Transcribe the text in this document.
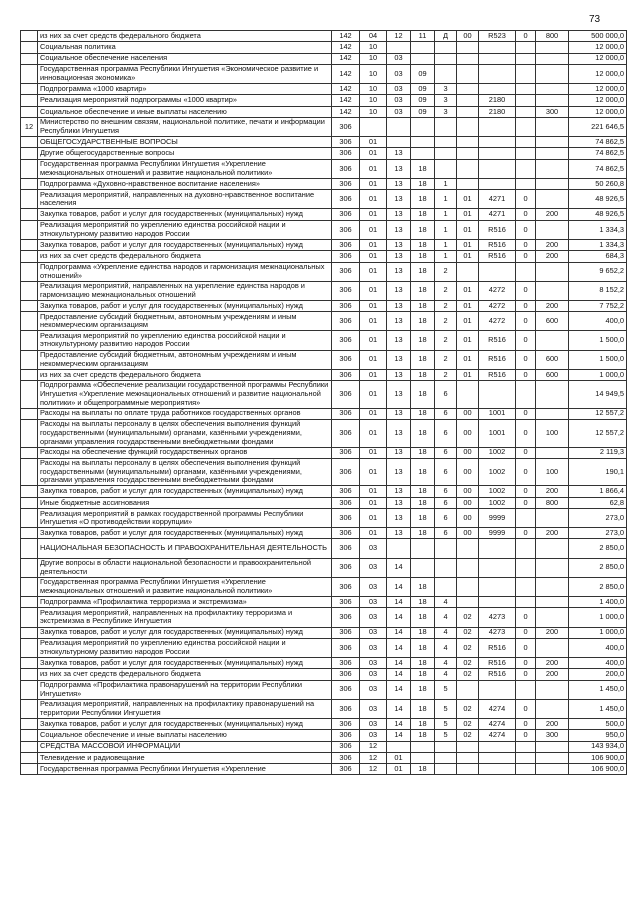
73
	из них за счет средств федерального бюджета	142	04	12	11	Д	00	R523	0	800	500 000,0
	Социальная политика	142	10								12 000,0
	Социальное обеспечение населения	142	10	03							12 000,0
	Государственная программа Республики Ингушетия «Экономическое развитие и инновационная экономика»	142	10	03	09						12 000,0
	Подпрограмма «1000 квартир»	142	10	03	09	3					12 000,0
	Реализация мероприятий подпрограммы «1000 квартир»	142	10	03	09	3		2180			12 000,0
	Социальное обеспечение и иные выплаты населению	142	10	03	09	3		2180		300	12 000,0
12	Министерство по внешним связям, национальной политике, печати и информации Республики Ингушетия	306									221 646,5
	ОБЩЕГОСУДАРСТВЕННЫЕ ВОПРОСЫ	306	01								74 862,5
	Другие общегосударственные вопросы	306	01	13							74 862,5
	Государственная программа Республики Ингушетия «Укрепление межнациональных отношений и развитие национальной политики»	306	01	13	18						74 862,5
	Подпрограмма «Духовно-нравственное воспитание населения»	306	01	13	18	1					50 260,8
	Реализация мероприятий, направленных на духовно-нравственное воспитание населения	306	01	13	18	1	01	4271	0		48 926,5
	Закупка товаров, работ и услуг для государственных (муниципальных) нужд	306	01	13	18	1	01	4271	0	200	48 926,5
	Реализация мероприятий по укреплению единства российской нации и этнокультурному развитию народов России	306	01	13	18	1	01	R516	0		1 334,3
	Закупка товаров, работ и услуг для государственных (муниципальных) нужд	306	01	13	18	1	01	R516	0	200	1 334,3
	из них за счет средств федерального бюджета	306	01	13	18	1	01	R516	0	200	684,3
	Подпрограмма «Укрепление единства народов и гармонизация межнациональных отношений»	306	01	13	18	2					9 652,2
	Реализация мероприятий, направленных на укрепление единства народов и гармонизацию межнациональных отношений	306	01	13	18	2	01	4272	0		8 152,2
	Закупка товаров, работ и услуг для государственных (муниципальных) нужд	306	01	13	18	2	01	4272	0	200	7 752,2
	Предоставление субсидий бюджетным, автономным учреждениям и иным некоммерческим организациям	306	01	13	18	2	01	4272	0	600	400,0
	Реализация мероприятий по укреплению единства российской нации и этнокультурному развитию народов России	306	01	13	18	2	01	R516	0		1 500,0
	Предоставление субсидий бюджетным, автономным учреждениям и иным некоммерческим организациям	306	01	13	18	2	01	R516	0	600	1 500,0
	из них за счет средств федерального бюджета	306	01	13	18	2	01	R516	0	600	1 000,0
	Подпрограмма «Обеспечение реализации государственной программы Республики Ингушетия «Укрепление межнациональных отношений и развитие национальной политики» и общепрограммные мероприятия»	306	01	13	18	6					14 949,5
	Расходы на выплаты по оплате труда работников государственных органов	306	01	13	18	6	00	1001	0		12 557,2
	Расходы на выплаты персоналу в целях обеспечения выполнения функций государственными (муниципальными) органами, казёнными учреждениями, органами управления государственными внебюджетными фондами	306	01	13	18	6	00	1001	0	100	12 557,2
	Расходы на обеспечение функций государственных органов	306	01	13	18	6	00	1002	0		2 119,3
	Расходы на выплаты персоналу в целях обеспечения выполнения функций государственными (муниципальными) органами, казёнными учреждениями, органами управления государственными внебюджетными фондами	306	01	13	18	6	00	1002	0	100	190,1
	Закупка товаров, работ и услуг для государственных (муниципальных) нужд	306	01	13	18	6	00	1002	0	200	1 866,4
	Иные бюджетные ассигнования	306	01	13	18	6	00	1002	0	800	62,8
	Реализация мероприятий в рамках государственной программы Республики Ингушетия «О противодействии коррупции»	306	01	13	18	6	00	9999			273,0
	Закупка товаров, работ и услуг для государственных (муниципальных) нужд	306	01	13	18	6	00	9999	0	200	273,0
	НАЦИОНАЛЬНАЯ БЕЗОПАСНОСТЬ И ПРАВООХРАНИТЕЛЬНАЯ ДЕЯТЕЛЬНОСТЬ	306	03								2 850,0
	Другие вопросы в области национальной безопасности и правоохранительной деятельности	306	03	14							2 850,0
	Государственная программа Республики Ингушетия «Укрепление межнациональных отношений и развитие национальной политики»	306	03	14	18						2 850,0
	Подпрограмма «Профилактика терроризма и экстремизма»	306	03	14	18	4					1 400,0
	Реализация мероприятий, направленных на профилактику терроризма и экстремизма в Республике Ингушетия	306	03	14	18	4	02	4273	0		1 000,0
	Закупка товаров, работ и услуг для государственных (муниципальных) нужд	306	03	14	18	4	02	4273	0	200	1 000,0
	Реализация мероприятий по укреплению единства российской нации и этнокультурному развитию народов России	306	03	14	18	4	02	R516	0		400,0
	Закупка товаров, работ и услуг для государственных (муниципальных) нужд	306	03	14	18	4	02	R516	0	200	400,0
	из них за счет средств федерального бюджета	306	03	14	18	4	02	R516	0	200	200,0
	Подпрограмма «Профилактика правонарушений на территории Республики Ингушетия»	306	03	14	18	5					1 450,0
	Реализация мероприятий, направленных на профилактику правонарушений на территории Республики Ингушетия	306	03	14	18	5	02	4274	0		1 450,0
	Закупка товаров, работ и услуг для государственных (муниципальных) нужд	306	03	14	18	5	02	4274	0	200	500,0
	Социальное обеспечение и иные выплаты населению	306	03	14	18	5	02	4274	0	300	950,0
	СРЕДСТВА МАССОВОЙ ИНФОРМАЦИИ	306	12								143 934,0
	Телевидение и радиовещание	306	12	01							106 900,0
	Государственная программа Республики Ингушетия «Укрепление	306	12	01	18						106 900,0
